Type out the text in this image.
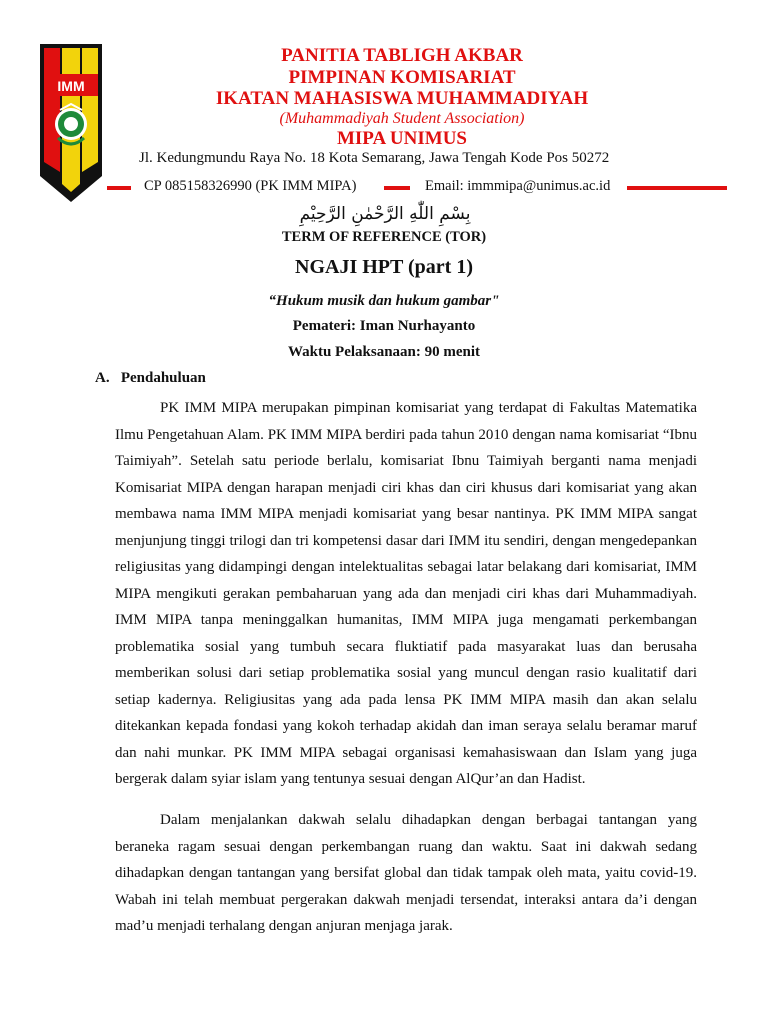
IMM
PANITIA TABLIGH AKBAR
PIMPINAN KOMISARIAT
IKATAN MAHASISWA MUHAMMADIYAH
(Muhammadiyah Student Association)
MIPA UNIMUS
Jl. Kedungmundu Raya No. 18 Kota Semarang, Jawa Tengah Kode Pos 50272
CP 085158326990 (PK IMM MIPA)	Email: immmipa@unimus.ac.id
بِسْمِ اللّٰهِ الرَّحْمٰنِ الرَّحِيْمِ
TERM OF REFERENCE (TOR)
NGAJI HPT (part 1)
“Hukum musik dan hukum gambar"
Pemateri: Iman Nurhayanto
Waktu Pelaksanaan: 90 menit
A.   Pendahuluan

PK IMM MIPA merupakan pimpinan komisariat yang terdapat di Fakultas Matematika Ilmu Pengetahuan Alam. PK IMM MIPA berdiri pada tahun 2010 dengan nama komisariat “Ibnu Taimiyah”. Setelah satu periode berlalu, komisariat Ibnu Taimiyah berganti nama menjadi Komisariat MIPA dengan harapan menjadi ciri khas dan ciri khusus dari komisariat yang akan membawa nama IMM MIPA menjadi komisariat yang besar nantinya. PK IMM MIPA sangat menjunjung tinggi trilogi dan tri kompetensi dasar dari IMM itu sendiri, dengan mengedepankan religiusitas yang didampingi dengan intelektualitas sebagai latar belakang dari komisariat, IMM MIPA mengikuti gerakan pembaharuan yang ada dan menjadi ciri khas dari Muhammadiyah. IMM MIPA tanpa meninggalkan humanitas, IMM MIPA juga mengamati perkembangan problematika sosial yang tumbuh secara fluktiatif pada masyarakat luas dan berusaha memberikan solusi dari setiap problematika sosial yang muncul dengan rasio kualitatif dari setiap kadernya. Religiusitas yang ada pada lensa PK IMM MIPA masih dan akan selalu ditekankan kepada fondasi yang kokoh terhadap akidah dan iman seraya selalu beramar maruf dan nahi munkar. PK IMM MIPA sebagai organisasi kemahasiswaan dan Islam yang juga bergerak dalam syiar islam yang tentunya sesuai dengan AlQur’an dan Hadist.

Dalam menjalankan dakwah selalu dihadapkan dengan berbagai tantangan yang beraneka ragam sesuai dengan perkembangan ruang dan waktu. Saat ini dakwah sedang dihadapkan dengan tantangan yang bersifat global dan tidak tampak oleh mata, yaitu covid-19. Wabah ini telah membuat pergerakan dakwah menjadi tersendat, interaksi antara da’i dengan mad’u menjadi terhalang dengan anjuran menjaga jarak.
